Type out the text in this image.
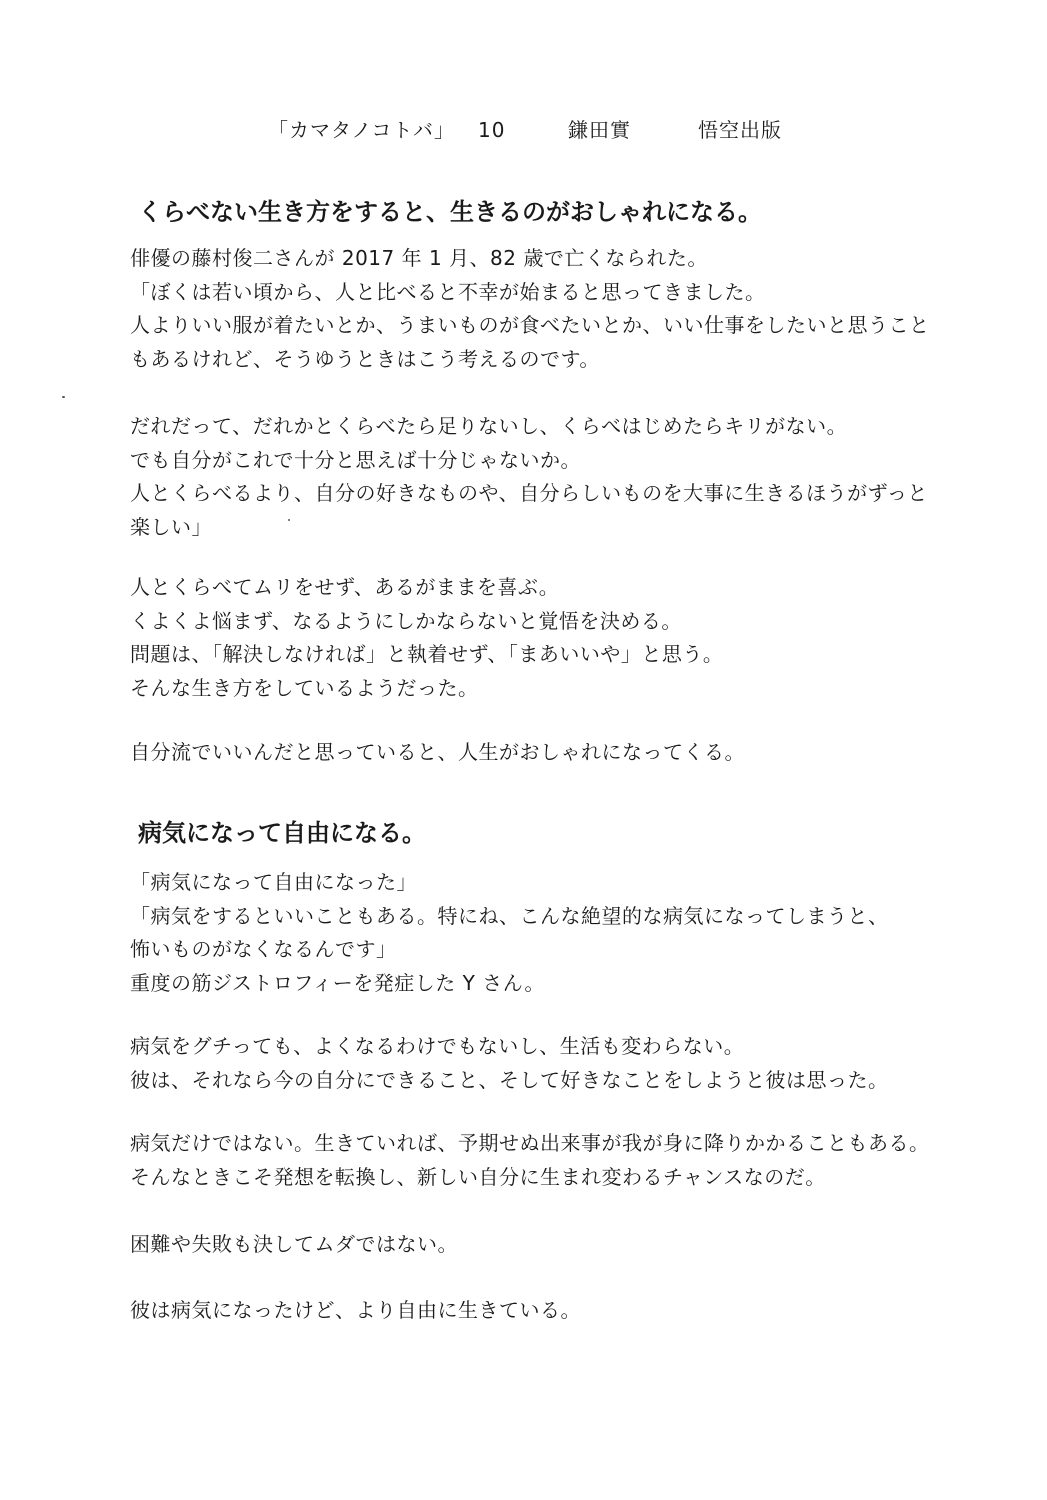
「カマタノコトバ」 10	鎌田實	悟空出版
くらべない生き方をすると、生きるのがおしゃれになる。
俳優の藤村俊二さんが 2017 年 1 月、82 歳で亡くなられた。
「ぼくは若い頃から、人と比べると不幸が始まると思ってきました。
人よりいい服が着たいとか、うまいものが食べたいとか、いい仕事をしたいと思うこと
もあるけれど、そうゆうときはこう考えるのです。
だれだって、だれかとくらべたら足りないし、くらべはじめたらキリがない。
でも自分がこれで十分と思えば十分じゃないか。
人とくらべるより、自分の好きなものや、自分らしいものを大事に生きるほうがずっと
楽しい」
人とくらべてムリをせず、あるがままを喜ぶ。
くよくよ悩まず、なるようにしかならないと覚悟を決める。
問題は、「解決しなければ」と執着せず、「まあいいや」と思う。
そんな生き方をしているようだった。
自分流でいいんだと思っていると、人生がおしゃれになってくる。
病気になって自由になる。
「病気になって自由になった」
「病気をするといいこともある。特にね、こんな絶望的な病気になってしまうと、
怖いものがなくなるんです」
重度の筋ジストロフィーを発症した Y さん。
病気をグチっても、よくなるわけでもないし、生活も変わらない。
彼は、それなら今の自分にできること、そして好きなことをしようと彼は思った。
病気だけではない。生きていれば、予期せぬ出来事が我が身に降りかかることもある。
そんなときこそ発想を転換し、新しい自分に生まれ変わるチャンスなのだ。
困難や失敗も決してムダではない。
彼は病気になったけど、より自由に生きている。
